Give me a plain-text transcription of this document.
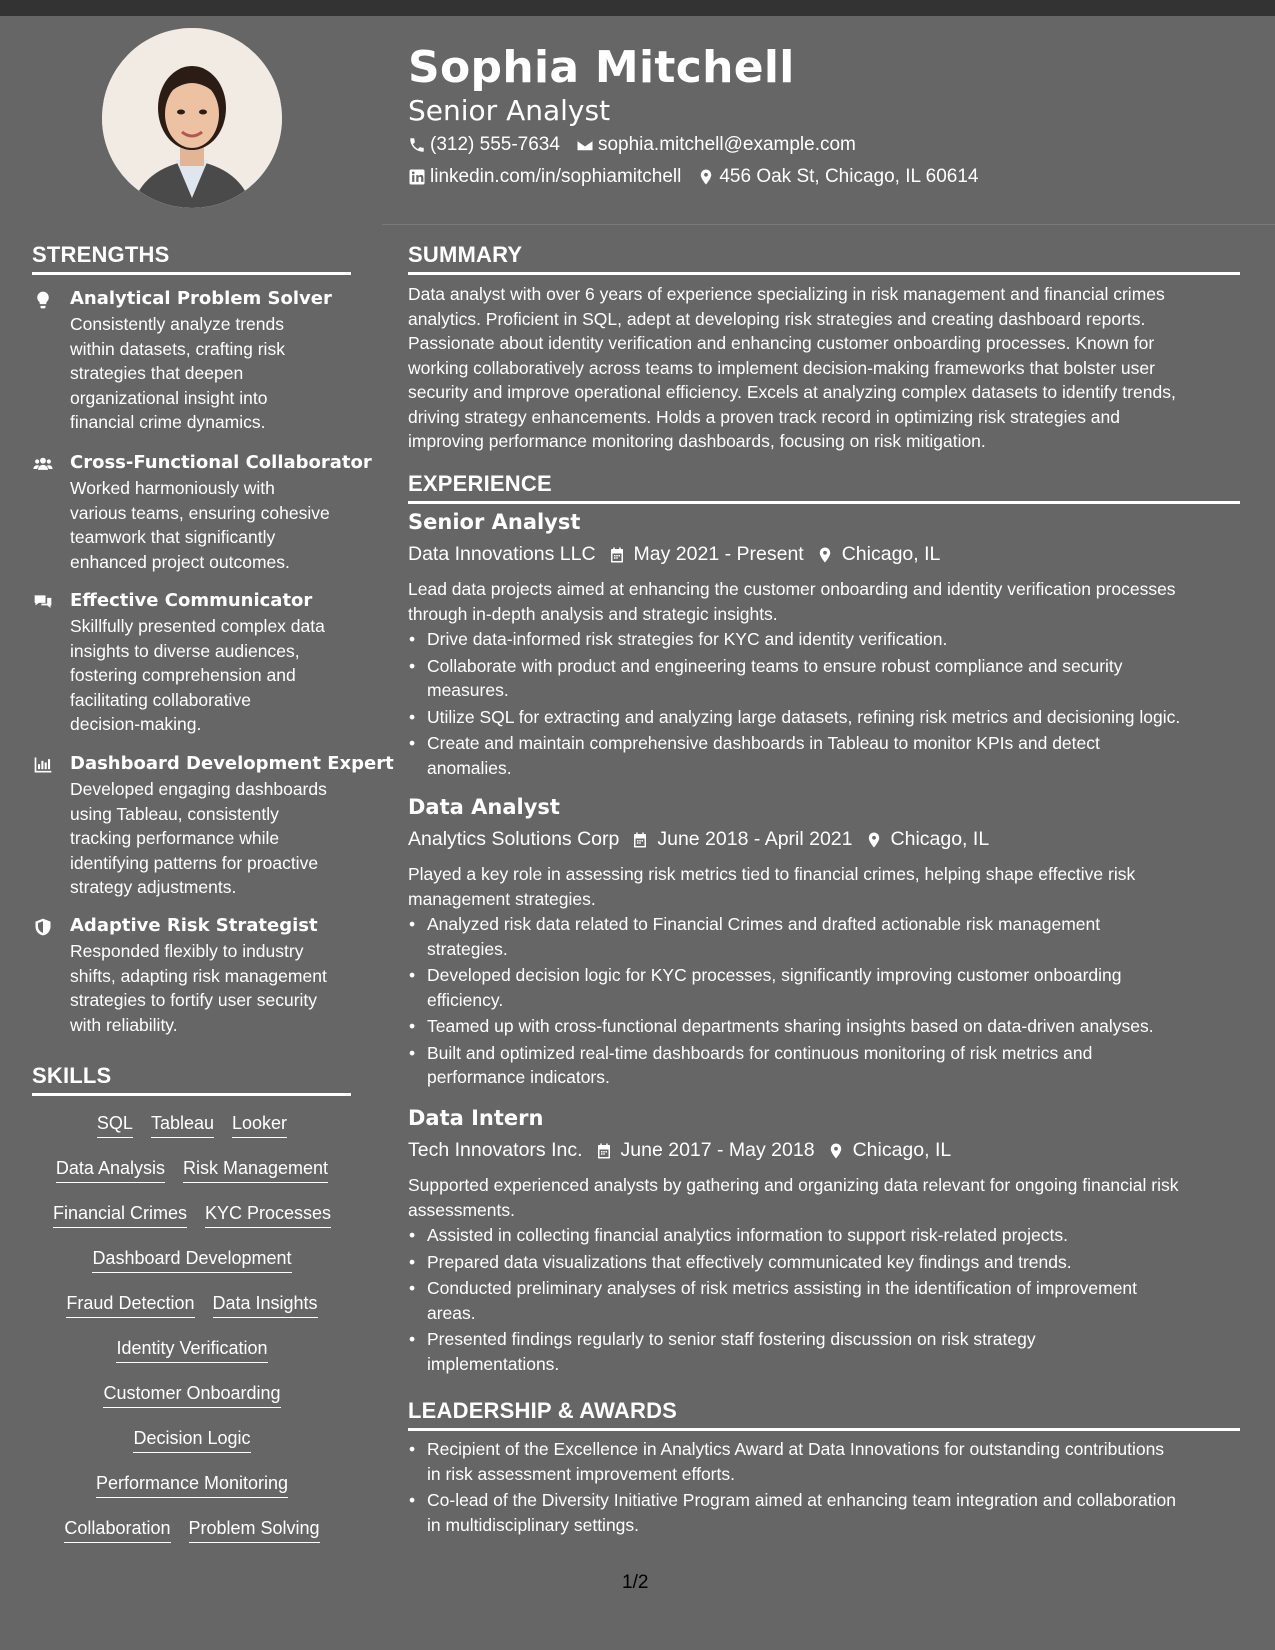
Sophia Mitchell
Senior Analyst
(312) 555-7634 sophia.mitchell@example.com
linkedin.com/in/sophiamitchell 456 Oak St, Chicago, IL 60614
STRENGTHS
Analytical Problem Solver
Consistently analyze trends
within datasets, crafting risk
strategies that deepen
organizational insight into
financial crime dynamics.
Cross-Functional Collaborator
Worked harmoniously with
various teams, ensuring cohesive
teamwork that significantly
enhanced project outcomes.
Effective Communicator
Skillfully presented complex data
insights to diverse audiences,
fostering comprehension and
facilitating collaborative
decision-making.
Dashboard Development Expert
Developed engaging dashboards
using Tableau, consistently
tracking performance while
identifying patterns for proactive
strategy adjustments.
Adaptive Risk Strategist
Responded flexibly to industry
shifts, adapting risk management
strategies to fortify user security
with reliability.
SKILLS
SQL Tableau Looker
Data Analysis Risk Management
Financial Crimes KYC Processes
Dashboard Development
Fraud Detection Data Insights
Identity Verification
Customer Onboarding
Decision Logic
Performance Monitoring
Collaboration Problem Solving
SUMMARY
Data analyst with over 6 years of experience specializing in risk management and financial crimes
analytics. Proficient in SQL, adept at developing risk strategies and creating dashboard reports.
Passionate about identity verification and enhancing customer onboarding processes. Known for
working collaboratively across teams to implement decision-making frameworks that bolster user
security and improve operational efficiency. Excels at analyzing complex datasets to identify trends,
driving strategy enhancements. Holds a proven track record in optimizing risk strategies and
improving performance monitoring dashboards, focusing on risk mitigation.
EXPERIENCE
Senior Analyst
Data Innovations LLC May 2021 - Present Chicago, IL
Lead data projects aimed at enhancing the customer onboarding and identity verification processes
through in-depth analysis and strategic insights.
• Drive data-informed risk strategies for KYC and identity verification.
• Collaborate with product and engineering teams to ensure robust compliance and security
measures.
• Utilize SQL for extracting and analyzing large datasets, refining risk metrics and decisioning logic.
• Create and maintain comprehensive dashboards in Tableau to monitor KPIs and detect
anomalies.
Data Analyst
Analytics Solutions Corp June 2018 - April 2021 Chicago, IL
Played a key role in assessing risk metrics tied to financial crimes, helping shape effective risk
management strategies.
• Analyzed risk data related to Financial Crimes and drafted actionable risk management
strategies.
• Developed decision logic for KYC processes, significantly improving customer onboarding
efficiency.
• Teamed up with cross-functional departments sharing insights based on data-driven analyses.
• Built and optimized real-time dashboards for continuous monitoring of risk metrics and
performance indicators.
Data Intern
Tech Innovators Inc. June 2017 - May 2018 Chicago, IL
Supported experienced analysts by gathering and organizing data relevant for ongoing financial risk
assessments.
• Assisted in collecting financial analytics information to support risk-related projects.
• Prepared data visualizations that effectively communicated key findings and trends.
• Conducted preliminary analyses of risk metrics assisting in the identification of improvement
areas.
• Presented findings regularly to senior staff fostering discussion on risk strategy
implementations.
LEADERSHIP & AWARDS
• Recipient of the Excellence in Analytics Award at Data Innovations for outstanding contributions
in risk assessment improvement efforts.
• Co-lead of the Diversity Initiative Program aimed at enhancing team integration and collaboration
in multidisciplinary settings.
1/2
